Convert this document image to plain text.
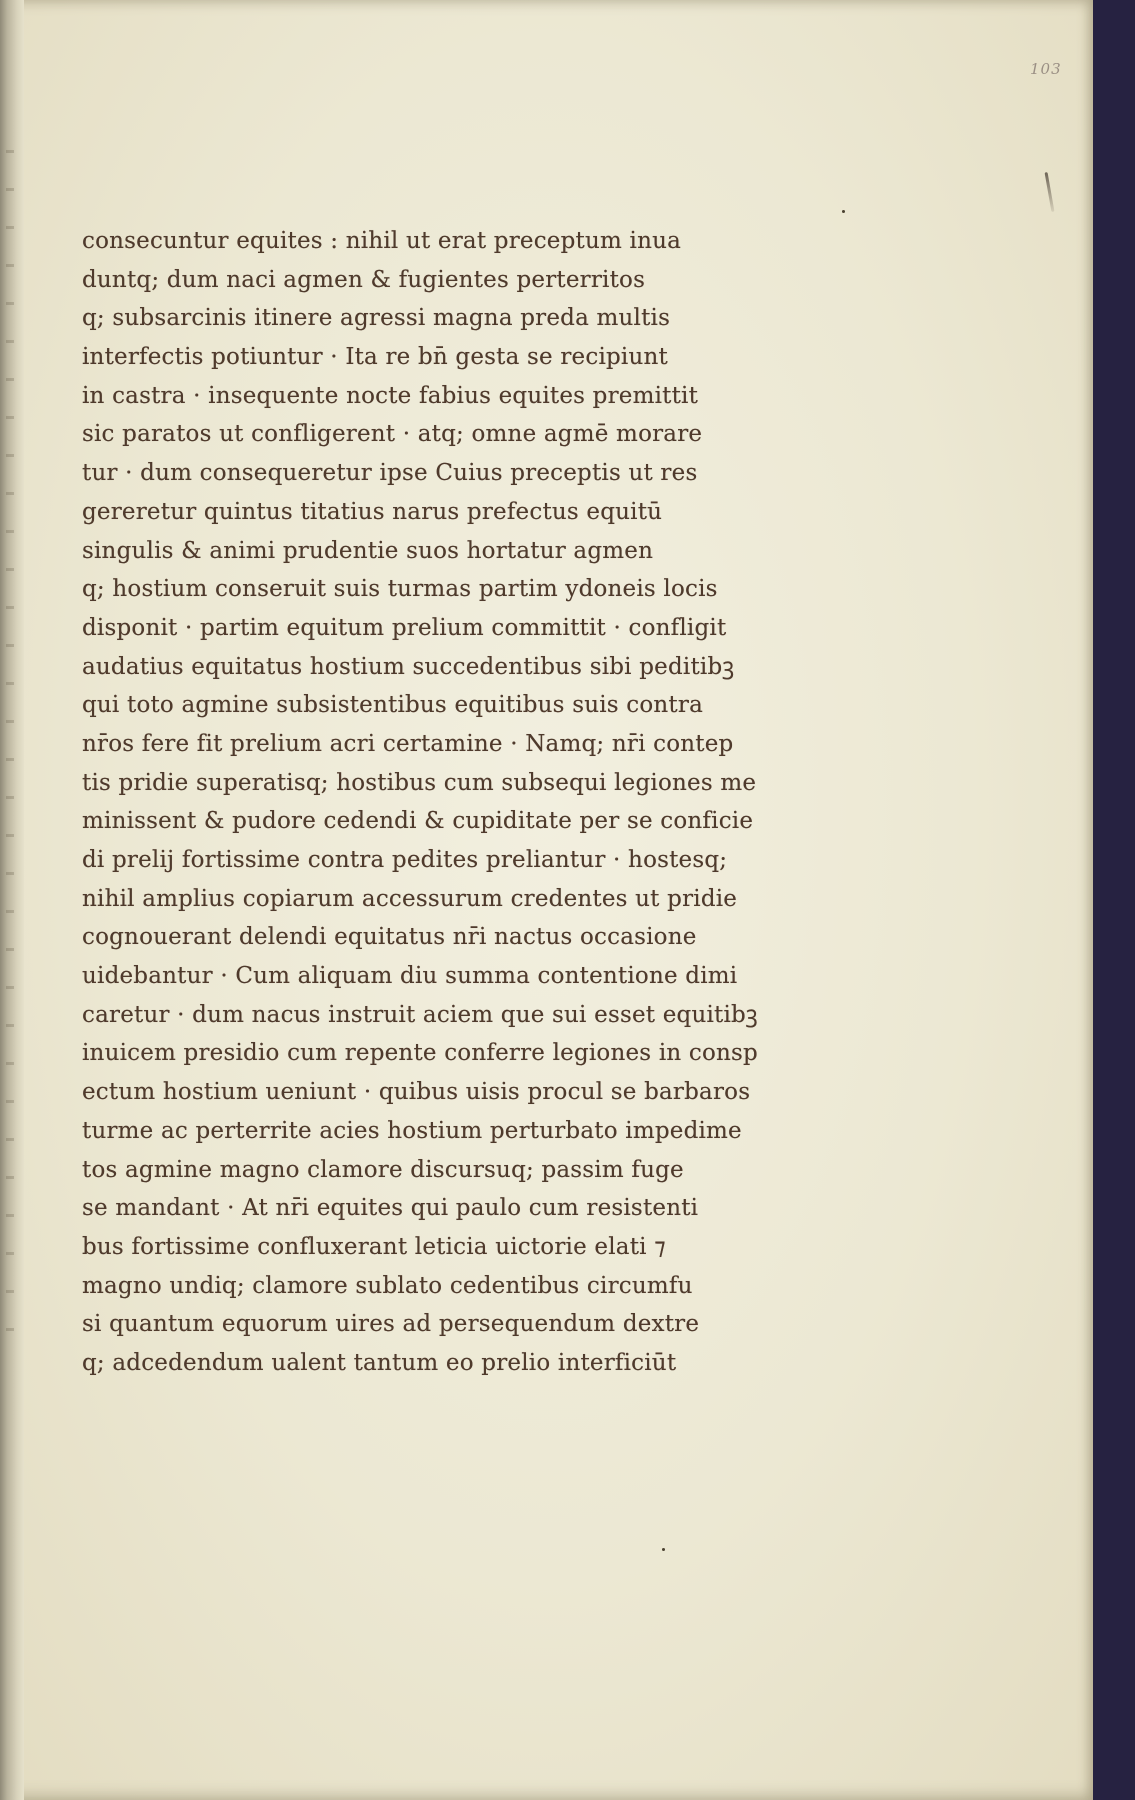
103
consecuntur equites : nihil ut erat preceptum inua
duntq; dum naci agmen & fugientes perterritos
q; subsarcinis itinere agressi magna preda multis
interfectis potiuntur · Ita re bn̄ gesta se recipiunt
in castra · insequente nocte fabius equites premittit
sic paratos ut confligerent · atq; omne agmē morare
tur · dum consequeretur ipse Cuius preceptis ut res
gereretur quintus titatius narus prefectus equitū
singulis & animi prudentie suos hortatur agmen
q; hostium conseruit suis turmas partim ydoneis locis
disponit · partim equitum prelium committit · confligit
audatius equitatus hostium succedentibus sibi peditibꝫ
qui toto agmine subsistentibus equitibus suis contra
nr̄os fere fit prelium acri certamine · Namq; nr̄i contep
tis pridie superatisq; hostibus cum subsequi legiones me
minissent & pudore cedendi & cupiditate per se conficie
di prelij fortissime contra pedites preliantur · hostesq;
nihil amplius copiarum accessurum credentes ut pridie
cognouerant delendi equitatus nr̄i nactus occasione
uidebantur · Cum aliquam diu summa contentione dimi
caretur · dum nacus instruit aciem que sui esset equitibꝫ
inuicem presidio cum repente conferre legiones in consp
ectum hostium ueniunt · quibus uisis procul se barbaros
turme ac perterrite acies hostium perturbato impedime
tos agmine magno clamore discursuq; passim fuge
se mandant · At nr̄i equites qui paulo cum resistenti
bus fortissime confluxerant leticia uictorie elati ⁊
magno undiq; clamore sublato cedentibus circumfu
si quantum equorum uires ad persequendum dextre
q; adcedendum ualent tantum eo prelio interficiūt
